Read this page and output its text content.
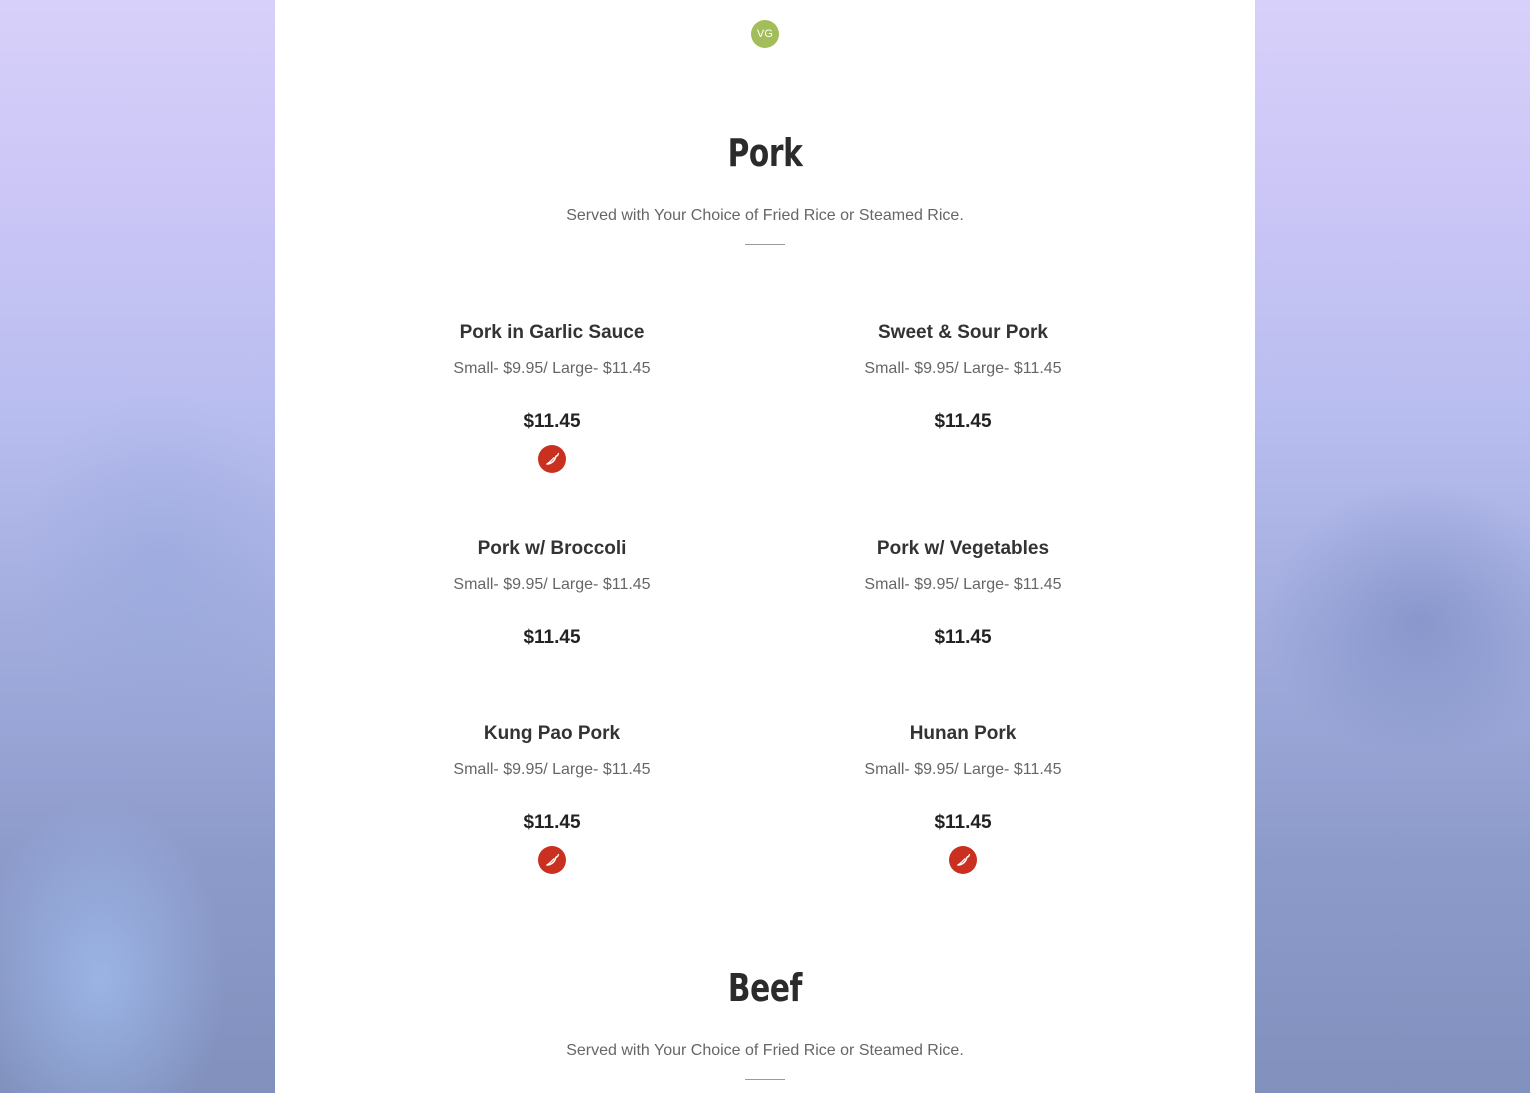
VG
Pork
Served with Your Choice of Fried Rice or Steamed Rice.
Pork in Garlic Sauce
Small- $9.95/ Large- $11.45
$11.45
Sweet & Sour Pork
Small- $9.95/ Large- $11.45
$11.45
Pork w/ Broccoli
Small- $9.95/ Large- $11.45
$11.45
Pork w/ Vegetables
Small- $9.95/ Large- $11.45
$11.45
Kung Pao Pork
Small- $9.95/ Large- $11.45
$11.45
Hunan Pork
Small- $9.95/ Large- $11.45
$11.45
Beef
Served with Your Choice of Fried Rice or Steamed Rice.
